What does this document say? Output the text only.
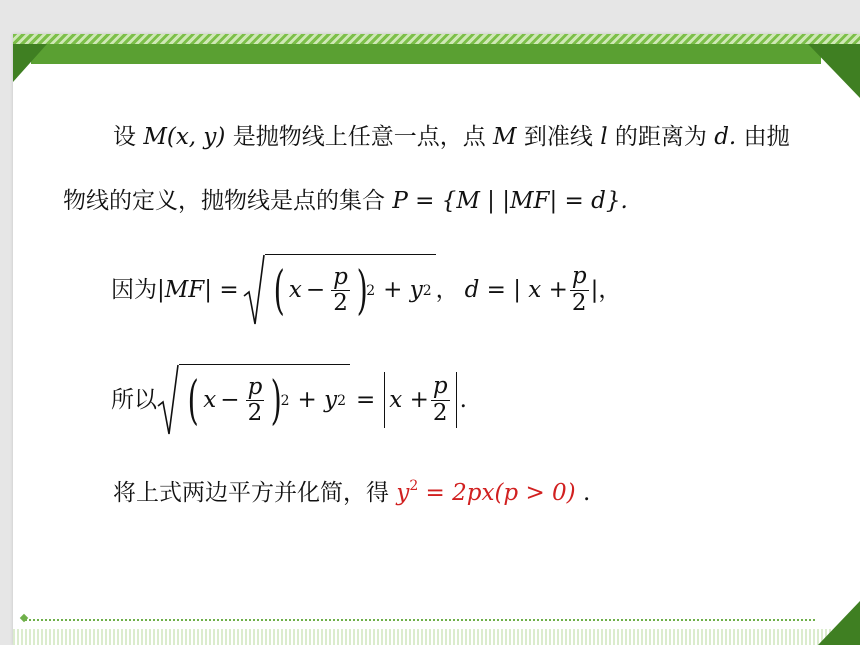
设 M(x, y) 是抛物线上任意一点，点 M 到准线 l 的距离为 d. 由抛
物线的定义，抛物线是点的集合 P = {M | |MF| = d}.
因为 |MF| = ( $x - \frac{p}{2}$ )
2 + y 2 ， d = | $x + \frac{p}{2}$ |，
所以 ( $x - \frac{p}{2}$ )
2 + y $2 = x + \frac{p}{2}$ .
将上式两边平方并化简，得 $y^2 = 2px(p > 0)$ .
